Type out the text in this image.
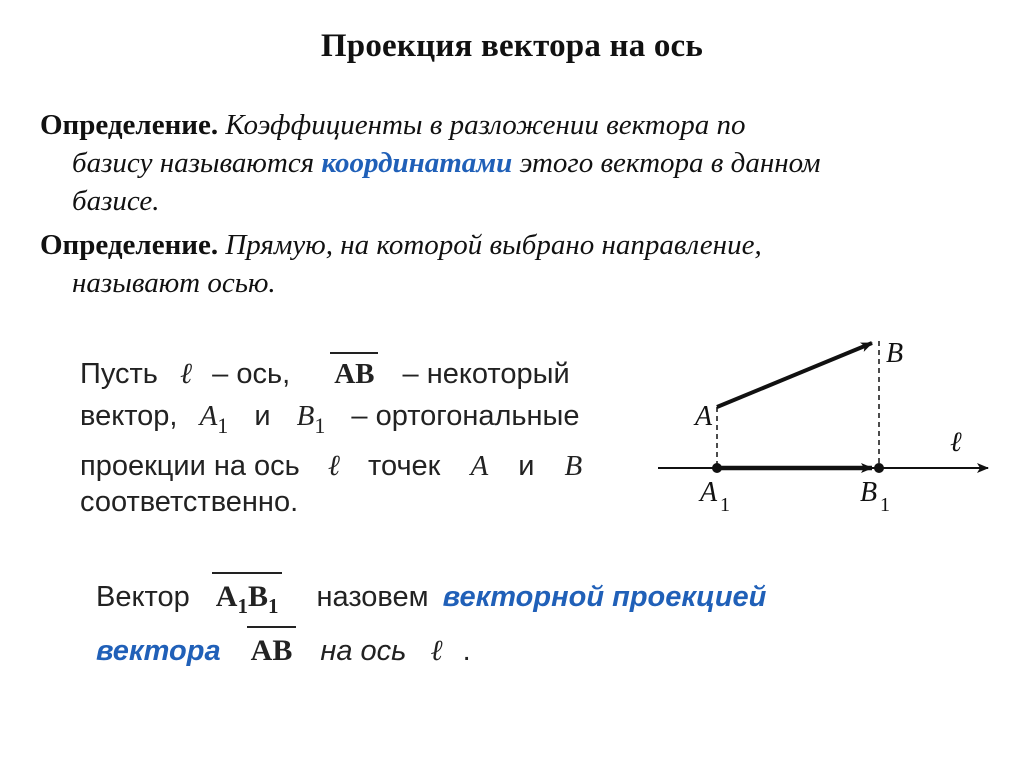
Проекция вектора на ось
Определение. Коэффициенты в разложении вектора по
базису называются координатами этого вектора в данном
базисе.
Определение. Прямую, на которой выбрано направление,
называют осью.
Пусть ℓ – ось, AB – некоторый
вектор, $A_1$ и $B_1$ – ортогональные
проекции на ось ℓ точек A и B
соответственно.
A
B
ℓ
A 1	B 1
Вектор $A_1B_1$ назовем векторной проекцией
вектора AB на ось ℓ .
